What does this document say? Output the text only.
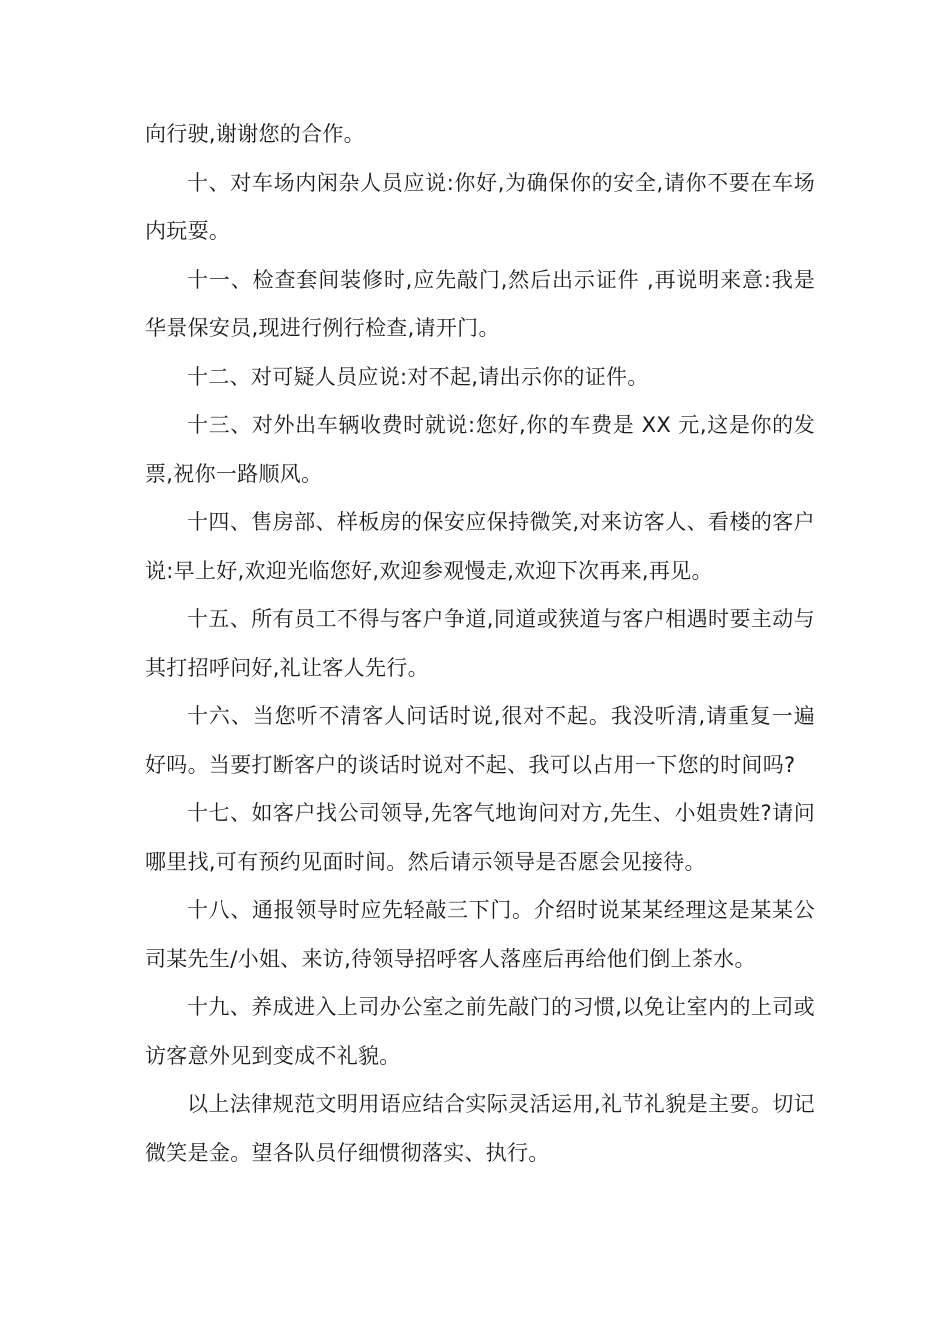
向行驶,谢谢您的合作。

十、对车场内闲杂人员应说:你好,为确保你的安全,请你不要在车场内玩耍。

十一、检查套间装修时,应先敲门,然后出示证件 ,再说明来意:我是华景保安员,现进行例行检查,请开门。

十二、对可疑人员应说:对不起,请出示你的证件。

十三、对外出车辆收费时就说:您好,你的车费是 XX 元,这是你的发票,祝你一路顺风。

十四、售房部、样板房的保安应保持微笑,对来访客人、看楼的客户说:早上好,欢迎光临您好,欢迎参观慢走,欢迎下次再来,再见。

十五、所有员工不得与客户争道,同道或狭道与客户相遇时要主动与其打招呼问好,礼让客人先行。

十六、当您听不清客人问话时说,很对不起。我没听清,请重复一遍好吗。当要打断客户的谈话时说对不起、我可以占用一下您的时间吗?

十七、如客户找公司领导,先客气地询问对方,先生、小姐贵姓?请问哪里找,可有预约见面时间。然后请示领导是否愿会见接待。

十八、通报领导时应先轻敲三下门。介绍时说某某经理这是某某公司某先生/小姐、来访,待领导招呼客人落座后再给他们倒上茶水。

十九、养成进入上司办公室之前先敲门的习惯,以免让室内的上司或访客意外见到变成不礼貌。

以上法律规范文明用语应结合实际灵活运用,礼节礼貌是主要。切记微笑是金。望各队员仔细惯彻落实、执行。
